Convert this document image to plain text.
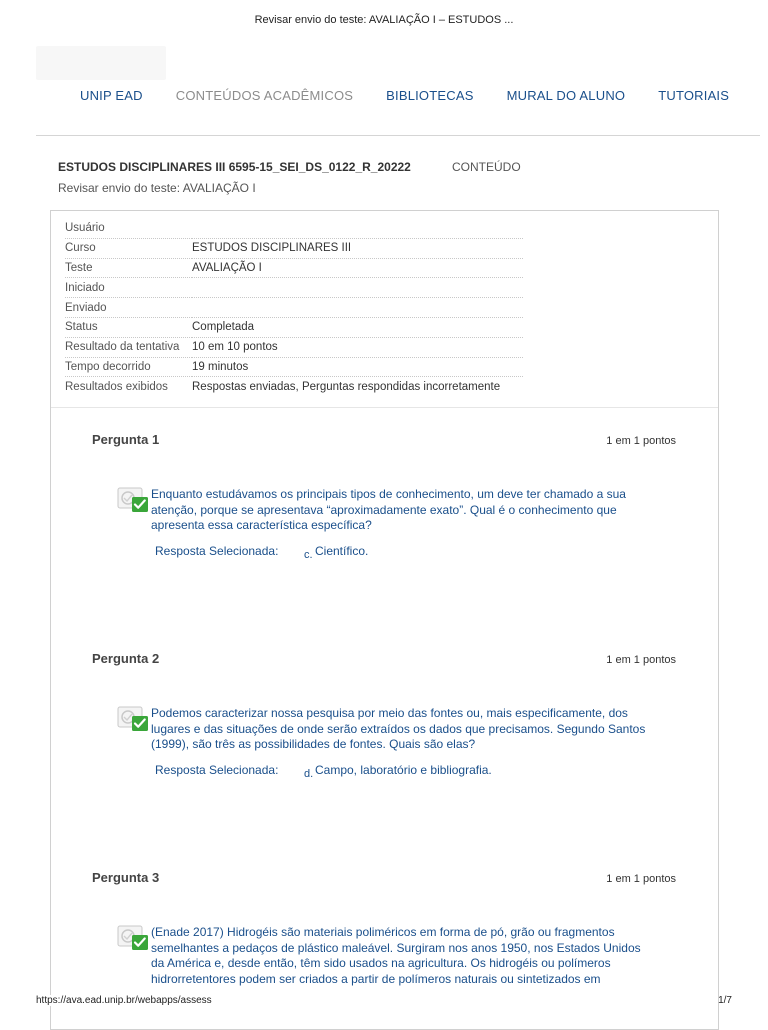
Revisar envio do teste: AVALIAÇÃO I – ESTUDOS ...
UNIP EAD	CONTEÚDOS ACADÊMICOS	BIBLIOTECAS	MURAL DO ALUNO	TUTORIAIS
ESTUDOS DISCIPLINARES III 6595-15_SEI_DS_0122_R_20222	CONTEÚDO
Revisar envio do teste: AVALIAÇÃO I
Usuário	
Curso	ESTUDOS DISCIPLINARES III
Teste	AVALIAÇÃO I
Iniciado	
Enviado	
Status	Completada
Resultado da tentativa	10 em 10 pontos
Tempo decorrido	19 minutos
Resultados exibidos	Respostas enviadas, Perguntas respondidas incorretamente
Pergunta 1	1 em 1 pontos
Enquanto estudávamos os principais tipos de conhecimento, um deve ter chamado a sua atenção, porque se apresentava “aproximadamente exato”. Qual é o conhecimento que apresenta essa característica específica?
Resposta Selecionada: c. Científico.
Pergunta 2	1 em 1 pontos
Podemos caracterizar nossa pesquisa por meio das fontes ou, mais especificamente, dos lugares e das situações de onde serão extraídos os dados que precisamos. Segundo Santos (1999), são três as possibilidades de fontes. Quais são elas?
Resposta Selecionada: d. Campo, laboratório e bibliografia.
Pergunta 3	1 em 1 pontos
(Enade 2017) Hidrogéis são materiais poliméricos em forma de pó, grão ou fragmentos semelhantes a pedaços de plástico maleável. Surgiram nos anos 1950, nos Estados Unidos da América e, desde então, têm sido usados na agricultura. Os hidrogéis ou polímeros hidrorretentores podem ser criados a partir de polímeros naturais ou sintetizados em
https://ava.ead.unip.br/webapps/assess	1/7
